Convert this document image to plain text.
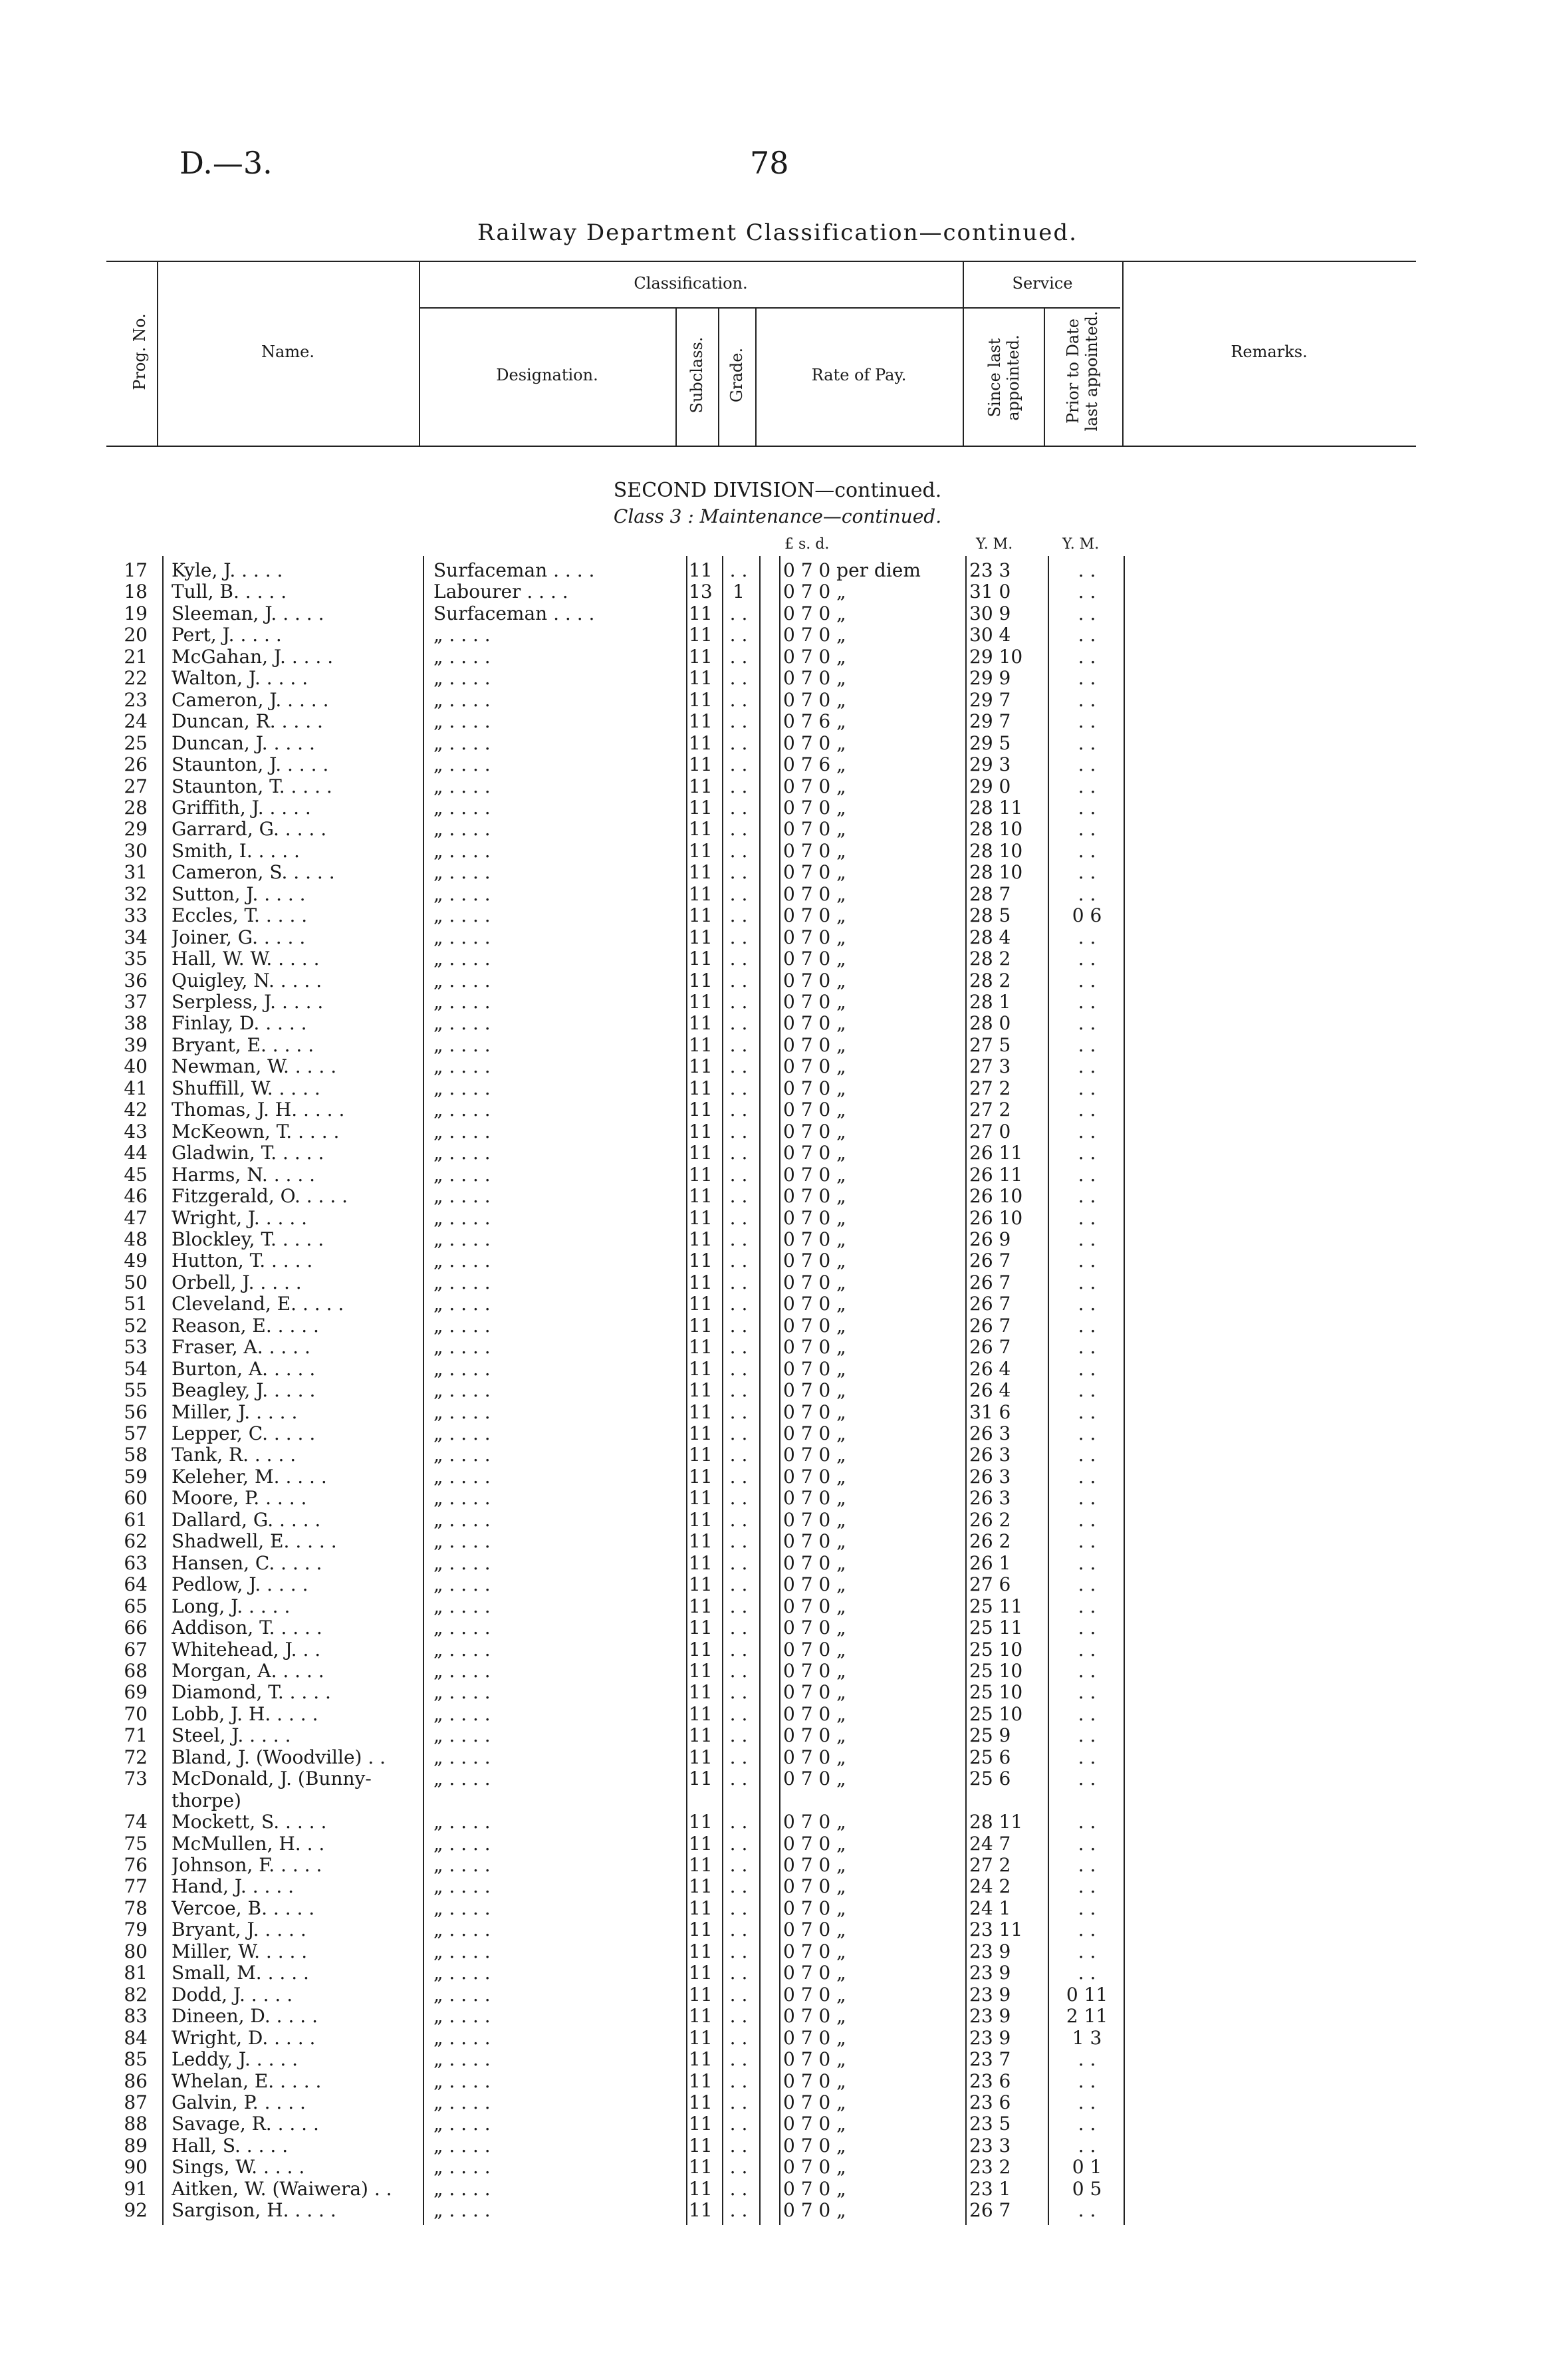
D.—3.	78
Railway Department Classification—continued.
Prog. No.	Name.
Classification.
Designation.	Subclass. Grade.	Rate of Pay.
Service
Since last appointed.	Prior to Date last appointed.	Remarks.
SECOND DIVISION—continued.
Class 3 : Maintenance—continued.
£ s. d.	Y. M.	Y. M.
17 Kyle, J. . . . .	Surfaceman . . . .	11 . .	0 7 0 per diem	23 3	. .
18 Tull, B. . . . .	Labourer . . . .	13	1	0 7 0 „	31 0	. .
19 Sleeman, J. . . . .	Surfaceman . . . .	11 . .	0 7 0 „	30 9	. .
20 Pert, J. . . . .	„ . . . .	11 . .	0 7 0 „	30 4	. .
21 McGahan, J. . . . .	„ . . . .	11 . .	0 7 0 „	29 10	. .
22 Walton, J. . . . .	„ . . . .	11 . .	0 7 0 „	29 9	. .
23 Cameron, J. . . . .	„ . . . .	11 . .	0 7 0 „	29 7	. .
24 Duncan, R. . . . .	„ . . . .	11 . .	0 7 6 „	29 7	. .
25 Duncan, J. . . . .	„ . . . .	11 . .	0 7 0 „	29 5	. .
26 Staunton, J. . . . .	„ . . . .	11 . .	0 7 6 „	29 3	. .
27 Staunton, T. . . . .	„ . . . .	11 . .	0 7 0 „	29 0	. .
28 Griffith, J. . . . .	„ . . . .	11 . .	0 7 0 „	28 11	. .
29 Garrard, G. . . . .	„ . . . .	11 . .	0 7 0 „	28 10	. .
30 Smith, I. . . . .	„ . . . .	11 . .	0 7 0 „	28 10	. .
31 Cameron, S. . . . .	„ . . . .	11 . .	0 7 0 „	28 10	. .
32 Sutton, J. . . . .	„ . . . .	11 . .	0 7 0 „	28 7	. .
33 Eccles, T. . . . .	„ . . . .	11 . .	0 7 0 „	28 5	0 6
34 Joiner, G. . . . .	„ . . . .	11 . .	0 7 0 „	28 4	. .
35 Hall, W. W. . . . .	„ . . . .	11 . .	0 7 0 „	28 2	. .
36 Quigley, N. . . . .	„ . . . .	11 . .	0 7 0 „	28 2	. .
37 Serpless, J. . . . .	„ . . . .	11 . .	0 7 0 „	28 1	. .
38 Finlay, D. . . . .	„ . . . .	11 . .	0 7 0 „	28 0	. .
39 Bryant, E. . . . .	„ . . . .	11 . .	0 7 0 „	27 5	. .
40 Newman, W. . . . .	„ . . . .	11 . .	0 7 0 „	27 3	. .
41 Shuffill, W. . . . .	„ . . . .	11 . .	0 7 0 „	27 2	. .
42 Thomas, J. H. . . . .	„ . . . .	11 . .	0 7 0 „	27 2	. .
43 McKeown, T. . . . .	„ . . . .	11 . .	0 7 0 „	27 0	. .
44 Gladwin, T. . . . .	„ . . . .	11 . .	0 7 0 „	26 11	. .
45 Harms, N. . . . .	„ . . . .	11 . .	0 7 0 „	26 11	. .
46 Fitzgerald, O. . . . .	„ . . . .	11 . .	0 7 0 „	26 10	. .
47 Wright, J. . . . .	„ . . . .	11 . .	0 7 0 „	26 10	. .
48 Blockley, T. . . . .	„ . . . .	11 . .	0 7 0 „	26 9	. .
49 Hutton, T. . . . .	„ . . . .	11 . .	0 7 0 „	26 7	. .
50 Orbell, J. . . . .	„ . . . .	11 . .	0 7 0 „	26 7	. .
51 Cleveland, E. . . . .	„ . . . .	11 . .	0 7 0 „	26 7	. .
52 Reason, E. . . . .	„ . . . .	11 . .	0 7 0 „	26 7	. .
53 Fraser, A. . . . .	„ . . . .	11 . .	0 7 0 „	26 7	. .
54 Burton, A. . . . .	„ . . . .	11 . .	0 7 0 „	26 4	. .
55 Beagley, J. . . . .	„ . . . .	11 . .	0 7 0 „	26 4	. .
56 Miller, J. . . . .	„ . . . .	11 . .	0 7 0 „	31 6	. .
57 Lepper, C. . . . .	„ . . . .	11 . .	0 7 0 „	26 3	. .
58 Tank, R. . . . .	„ . . . .	11 . .	0 7 0 „	26 3	. .
59 Keleher, M. . . . .	„ . . . .	11 . .	0 7 0 „	26 3	. .
60 Moore, P. . . . .	„ . . . .	11 . .	0 7 0 „	26 3	. .
61 Dallard, G. . . . .	„ . . . .	11 . .	0 7 0 „	26 2	. .
62 Shadwell, E. . . . .	„ . . . .	11 . .	0 7 0 „	26 2	. .
63 Hansen, C. . . . .	„ . . . .	11 . .	0 7 0 „	26 1	. .
64 Pedlow, J. . . . .	„ . . . .	11 . .	0 7 0 „	27 6	. .
65 Long, J. . . . .	„ . . . .	11 . .	0 7 0 „	25 11	. .
66 Addison, T. . . . .	„ . . . .	11 . .	0 7 0 „	25 11	. .
67 Whitehead, J. . .	„ . . . .	11 . .	0 7 0 „	25 10	. .
68 Morgan, A. . . . .	„ . . . .	11 . .	0 7 0 „	25 10	. .
69 Diamond, T. . . . .	„ . . . .	11 . .	0 7 0 „	25 10	. .
70 Lobb, J. H. . . . .	„ . . . .	11 . .	0 7 0 „	25 10	. .
71 Steel, J. . . . .	„ . . . .	11 . .	0 7 0 „	25 9	. .
72 Bland, J. (Woodville) . .	„ . . . .	11 . .	0 7 0 „	25 6	. .
73 McDonald, J. (Bunny-	„ . . . .	11 . .	0 7 0 „	25 6	. .
thorpe)
74 Mockett, S. . . . .	„ . . . .	11 . .	0 7 0 „	28 11	. .
75 McMullen, H. . .	„ . . . .	11 . .	0 7 0 „	24 7	. .
76 Johnson, F. . . . .	„ . . . .	11 . .	0 7 0 „	27 2	. .
77 Hand, J. . . . .	„ . . . .	11 . .	0 7 0 „	24 2	. .
78 Vercoe, B. . . . .	„ . . . .	11 . .	0 7 0 „	24 1	. .
79 Bryant, J. . . . .	„ . . . .	11 . .	0 7 0 „	23 11	. .
80 Miller, W. . . . .	„ . . . .	11 . .	0 7 0 „	23 9	. .
81 Small, M. . . . .	„ . . . .	11 . .	0 7 0 „	23 9	. .
82 Dodd, J. . . . .	„ . . . .	11 . .	0 7 0 „	23 9	0 11
83 Dineen, D. . . . .	„ . . . .	11 . .	0 7 0 „	23 9	2 11
84 Wright, D. . . . .	„ . . . .	11 . .	0 7 0 „	23 9	1 3
85 Leddy, J. . . . .	„ . . . .	11 . .	0 7 0 „	23 7	. .
86 Whelan, E. . . . .	„ . . . .	11 . .	0 7 0 „	23 6	. .
87 Galvin, P. . . . .	„ . . . .	11 . .	0 7 0 „	23 6	. .
88 Savage, R. . . . .	„ . . . .	11 . .	0 7 0 „	23 5	. .
89 Hall, S. . . . .	„ . . . .	11 . .	0 7 0 „	23 3	. .
90 Sings, W. . . . .	„ . . . .	11 . .	0 7 0 „	23 2	0 1
91 Aitken, W. (Waiwera) . .	„ . . . .	11 . .	0 7 0 „	23 1	0 5
92 Sargison, H. . . . .	„ . . . .	11 . .	0 7 0 „	26 7	. .
